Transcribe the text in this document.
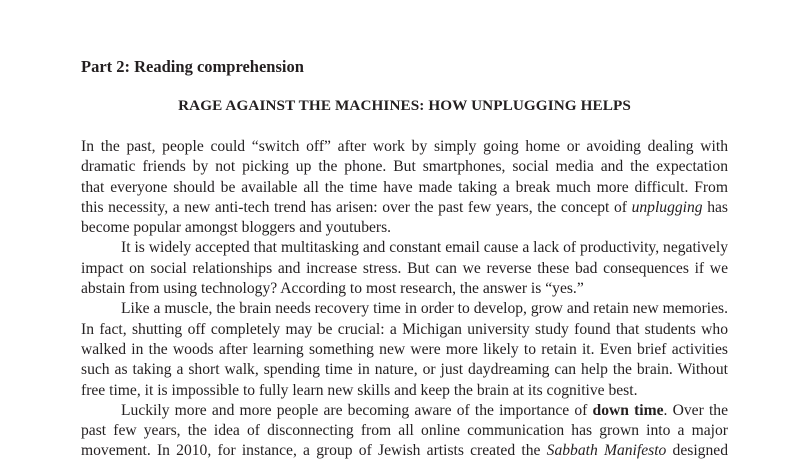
Part 2: Reading comprehension
RAGE AGAINST THE MACHINES: HOW UNPLUGGING HELPS

In the past, people could “switch off” after work by simply going home or avoiding dealing with
dramatic friends by not picking up the phone. But smartphones, social media and the expectation
that everyone should be available all the time have made taking a break much more difficult. From
this necessity, a new anti-tech trend has arisen: over the past few years, the concept of unplugging has
become popular amongst bloggers and youtubers.

It is widely accepted that multitasking and constant email cause a lack of productivity, negatively
impact on social relationships and increase stress. But can we reverse these bad consequences if we
abstain from using technology? According to most research, the answer is “yes.”

Like a muscle, the brain needs recovery time in order to develop, grow and retain new memories.
In fact, shutting off completely may be crucial: a Michigan university study found that students who
walked in the woods after learning something new were more likely to retain it. Even brief activities
such as taking a short walk, spending time in nature, or just daydreaming can help the brain. Without
free time, it is impossible to fully learn new skills and keep the brain at its cognitive best.

Luckily more and more people are becoming aware of the importance of down time. Over the
past few years, the idea of disconnecting from all online communication has grown into a major
movement. In 2010, for instance, a group of Jewish artists created the Sabbath Manifesto designed
